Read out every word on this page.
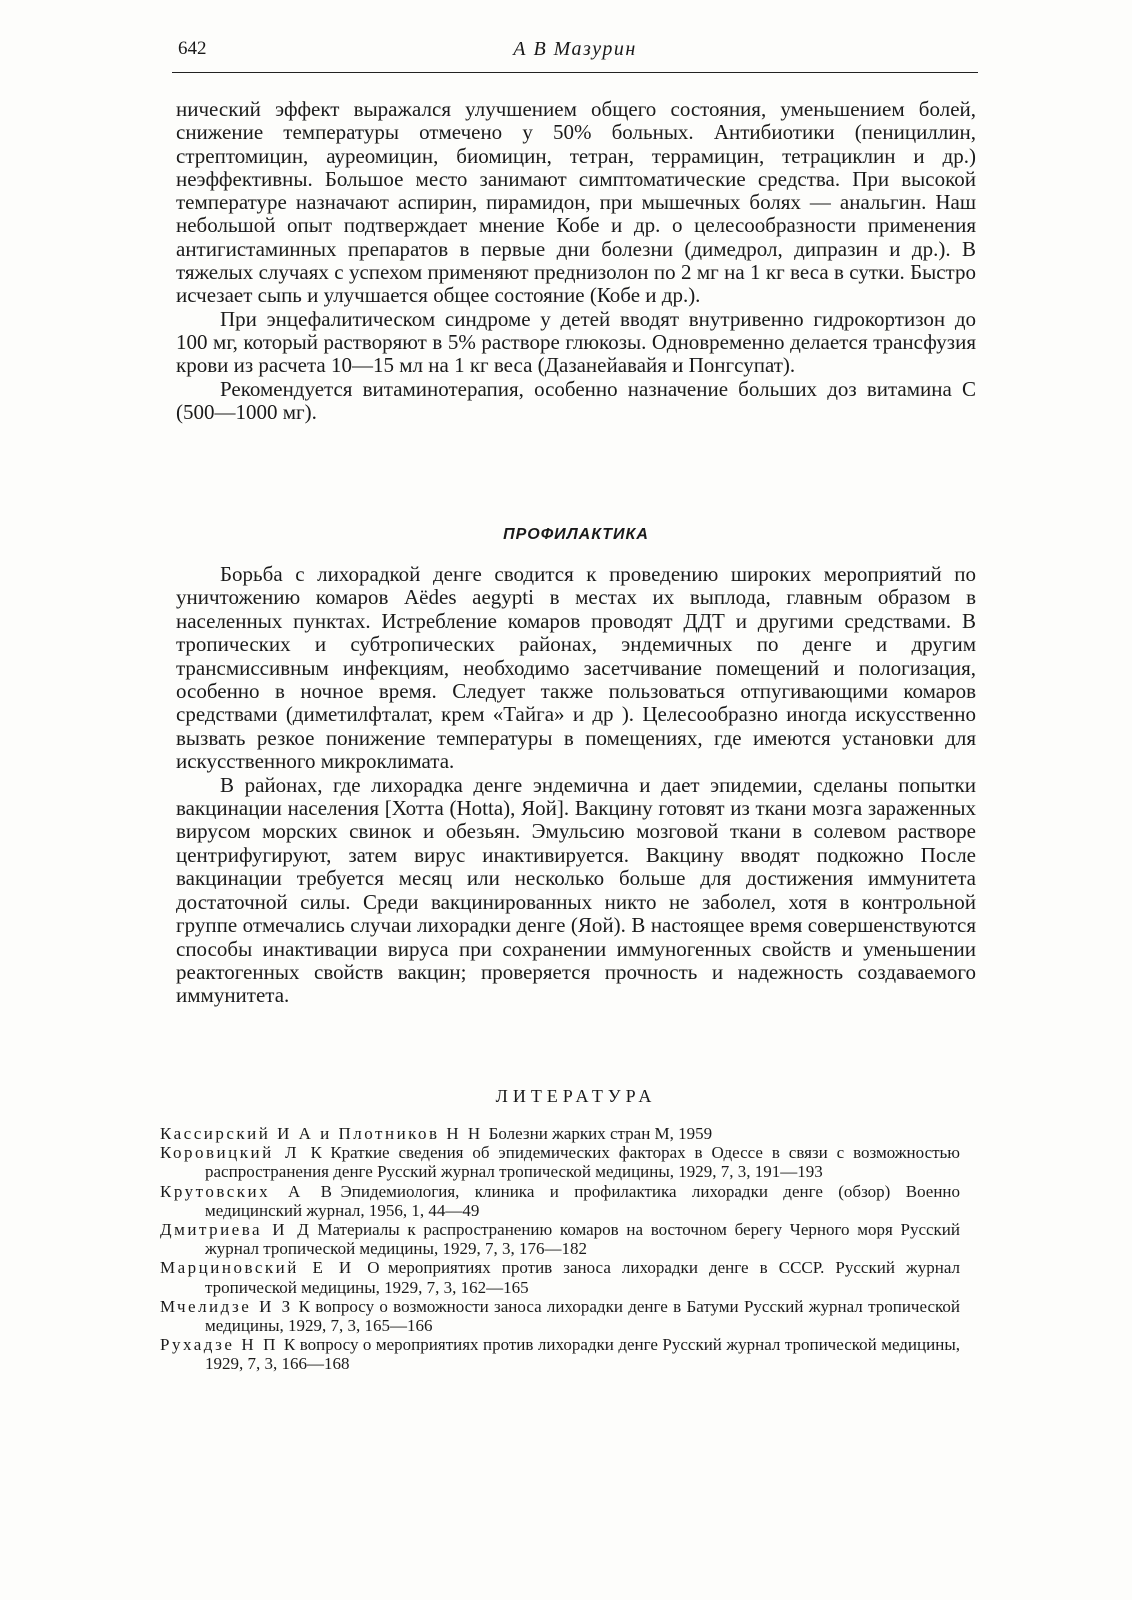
642	А В Мазурин

нический эффект выражался улучшением общего состояния, уменьшением болей, снижение температуры отмечено у 50% больных. Антибиотики (пенициллин, стрептомицин, ауреомицин, биомицин, тетран, террамицин, тетрациклин и др.) неэффективны. Большое место занимают симптоматические средства. При высокой температуре назначают аспирин, пирамидон, при мышечных болях — анальгин. Наш небольшой опыт подтверждает мнение Кобе и др. о целесообразности применения антигистаминных препаратов в первые дни болезни (димедрол, дипразин и др.). В тяжелых случаях с успехом применяют преднизолон по 2 мг на 1 кг веса в сутки. Быстро исчезает сыпь и улучшается общее состояние (Кобе и др.).

При энцефалитическом синдроме у детей вводят внутривенно гидрокортизон до 100 мг, который растворяют в 5% растворе глюкозы. Одновременно делается трансфузия крови из расчета 10—15 мл на 1 кг веса (Дазанейавайя и Понгсупат).

Рекомендуется витаминотерапия, особенно назначение больших доз витамина С (500—1000 мг).

ПРОФИЛАКТИКА

Борьба с лихорадкой денге сводится к проведению широких мероприятий по уничтожению комаров Aëdes aegypti в местах их выплода, главным образом в населенных пунктах. Истребление комаров проводят ДДТ и другими средствами. В тропических и субтропических районах, эндемичных по денге и другим трансмиссивным инфекциям, необходимо засетчивание помещений и пологизация, особенно в ночное время. Следует также пользоваться отпугивающими комаров средствами (диметилфталат, крем «Тайга» и др ). Целесообразно иногда искусственно вызвать резкое понижение температуры в помещениях, где имеются установки для искусственного микроклимата.

В районах, где лихорадка денге эндемична и дает эпидемии, сделаны попытки вакцинации населения [Хотта (Hotta), Яой]. Вакцину готовят из ткани мозга зараженных вирусом морских свинок и обезьян. Эмульсию мозговой ткани в солевом растворе центрифугируют, затем вирус инактивируется. Вакцину вводят подкожно После вакцинации требуется месяц или несколько больше для достижения иммунитета достаточной силы. Среди вакцинированных никто не заболел, хотя в контрольной группе отмечались случаи лихорадки денге (Яой). В настоящее время совершенствуются способы инактивации вируса при сохранении иммуногенных свойств и уменьшении реактогенных свойств вакцин; проверяется прочность и надежность создаваемого иммунитета.

ЛИТЕРАТУРА
Кассирский И А и Плотников Н Н Болезни жарких стран М, 1959
Коровицкий Л К Краткие сведения об эпидемических факторах в Одессе в связи с возможностью распространения денге Русский журнал тропической медицины, 1929, 7, 3, 191—193
Крутовских А В Эпидемиология, клиника и профилактика лихорадки денге (обзор) Военно медицинский журнал, 1956, 1, 44—49
Дмитриева И Д Материалы к распространению комаров на восточном берегу Черного моря Русский журнал тропической медицины, 1929, 7, 3, 176—182
Марциновский Е И О мероприятиях против заноса лихорадки денге в СССР. Русский журнал тропической медицины, 1929, 7, 3, 162—165
Мчелидзе И З К вопросу о возможности заноса лихорадки денге в Батуми Русский журнал тропической медицины, 1929, 7, 3, 165—166
Рухадзе Н П К вопросу о мероприятиях против лихорадки денге Русский журнал тропической медицины, 1929, 7, 3, 166—168
